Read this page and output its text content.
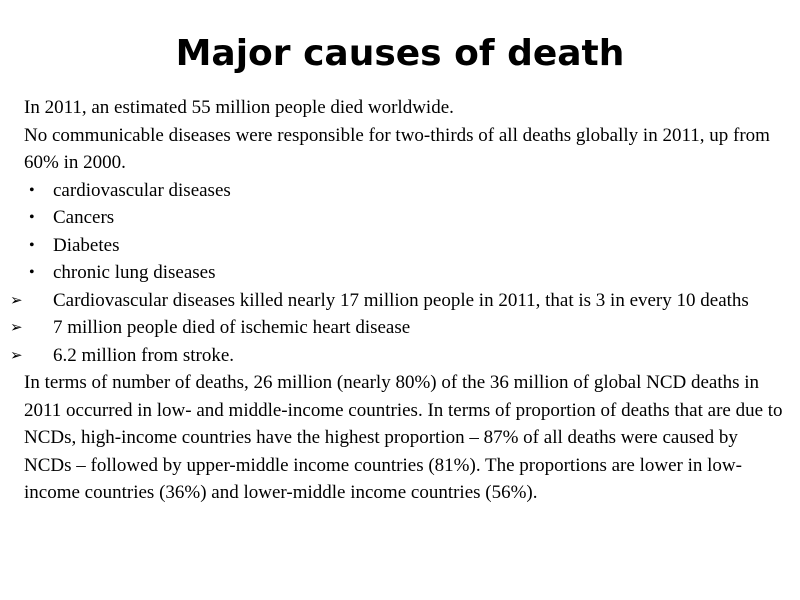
Major causes of death

In 2011, an estimated 55 million people died worldwide.

No communicable diseases were responsible for two-thirds of all deaths globally in 2011, up from 60% in 2000.

• cardiovascular diseases
• Cancers
• Diabetes
• chronic lung diseases
➢	Cardiovascular diseases killed nearly 17 million people in 2011, that is 3 in every 10 deaths
➢	7 million people died of ischemic heart disease
➢	6.2 million from stroke.

In terms of number of deaths, 26 million (nearly 80%) of the 36 million of global NCD deaths in 2011 occurred in low- and middle-income countries. In terms of proportion of deaths that are due to NCDs, high-income countries have the highest proportion – 87% of all deaths were caused by NCDs – followed by upper-middle income countries (81%). The proportions are lower in low-income countries (36%) and lower-middle income countries (56%).
